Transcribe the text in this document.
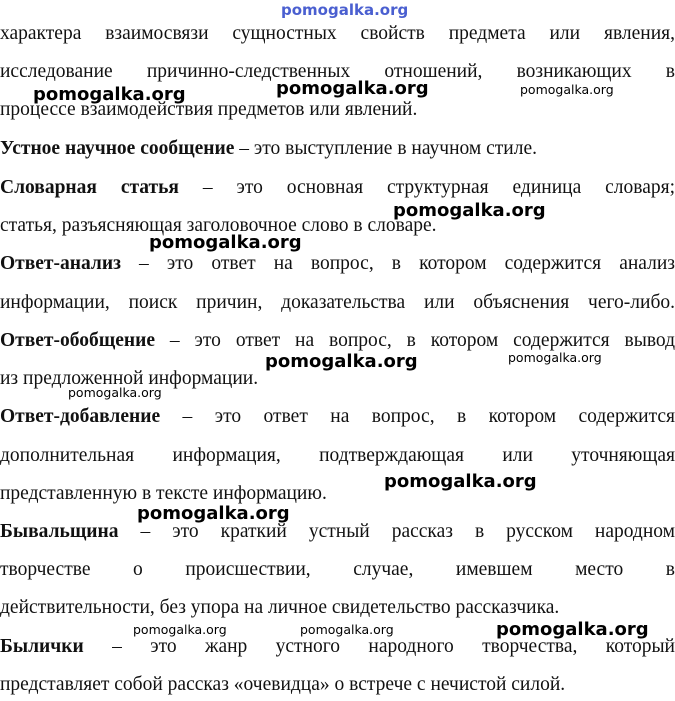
характера взаимосвязи сущностных свойств предмета или явления,
исследование причинно-следственных отношений, возникающих в
процессе взаимодействия предметов или явлений.
Устное научное сообщение – это выступление в научном стиле.
Словарная статья – это основная структурная единица словаря;
статья, разъясняющая заголовочное слово в словаре.
Ответ-анализ – это ответ на вопрос, в котором содержится анализ
информации, поиск причин, доказательства или объяснения чего-либо.
Ответ-обобщение – это ответ на вопрос, в котором содержится вывод
из предложенной информации.
Ответ-добавление – это ответ на вопрос, в котором содержится
дополнительная информация, подтверждающая или уточняющая
представленную в тексте информацию.
Бывальщина – это краткий устный рассказ в русском народном
творчестве о происшествии, случае, имевшем место в
действительности, без упора на личное свидетельство рассказчика.
Былички – это жанр устного народного творчества, который
представляет собой рассказ «очевидца» о встрече с нечистой силой.
pomogalka.org
pomogalka.org	pomogalka.org	pomogalka.org
pomogalka.org
pomogalka.org
pomogalka.org	pomogalka.org
pomogalka.org
pomogalka.org
pomogalka.org
pomogalka.org	pomogalka.org	pomogalka.org
